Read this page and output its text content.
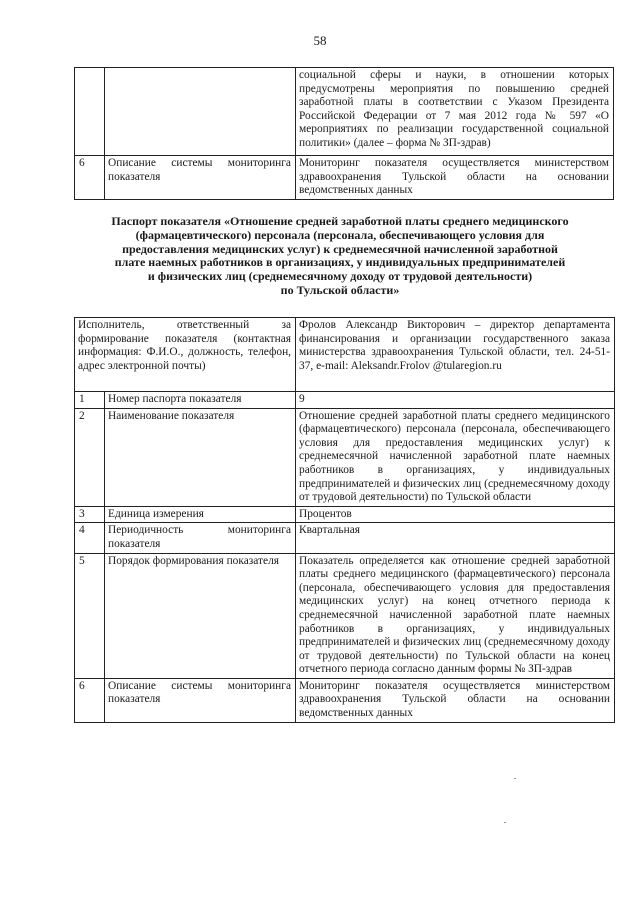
58
		социальной сферы и науки, в отношении которых предусмотрены мероприятия по повышению средней заработной платы в соответствии с Указом Президента Российской Федерации от 7 мая 2012 года № 597 «О мероприятиях по реализации государственной социальной политики» (далее – форма № ЗП-здрав)
6	Описание системы мониторинга показателя	Мониторинг показателя осуществляется министерством здравоохранения Тульской области на основании ведомственных данных
Паспорт показателя «Отношение средней заработной платы среднего медицинского
(фармацевтического) персонала (персонала, обеспечивающего условия для
предоставления медицинских услуг) к среднемесячной начисленной заработной
плате наемных работников в организациях, у индивидуальных предпринимателей
и физических лиц (среднемесячному доходу от трудовой деятельности)
по Тульской области»
Исполнитель, ответственный за формирование показателя (контактная информация: Ф.И.О., должность, телефон, адрес электронной почты)		Фролов Александр Викторович – директор департамента финансирования и организации государственного заказа министерства здравоохранения Тульской области, тел. 24-51-37, e-mail: Aleksandr.Frolov @tularegion.ru
1	Номер паспорта показателя	9
2	Наименование показателя	Отношение средней заработной платы среднего медицинского (фармацевтического) персонала (персонала, обеспечивающего условия для предоставления медицинских услуг) к среднемесячной начисленной заработной плате наемных работников в организациях, у индивидуальных предпринимателей и физических лиц (среднемесячному доходу от трудовой деятельности) по Тульской области
3	Единица измерения	Процентов
4	Периодичность мониторинга показателя	Квартальная
5	Порядок формирования показателя	Показатель определяется как отношение средней заработной платы среднего медицинского (фармацевтического) персонала (персонала, обеспечивающего условия для предоставления медицинских услуг) на конец отчетного периода к среднемесячной начисленной заработной плате наемных работников в организациях, у индивидуальных предпринимателей и физических лиц (среднемесячному доходу от трудовой деятельности) по Тульской области на конец отчетного периода согласно данным формы № ЗП-здрав
6	Описание системы мониторинга показателя	Мониторинг показателя осуществляется министерством здравоохранения Тульской области на основании ведомственных данных
